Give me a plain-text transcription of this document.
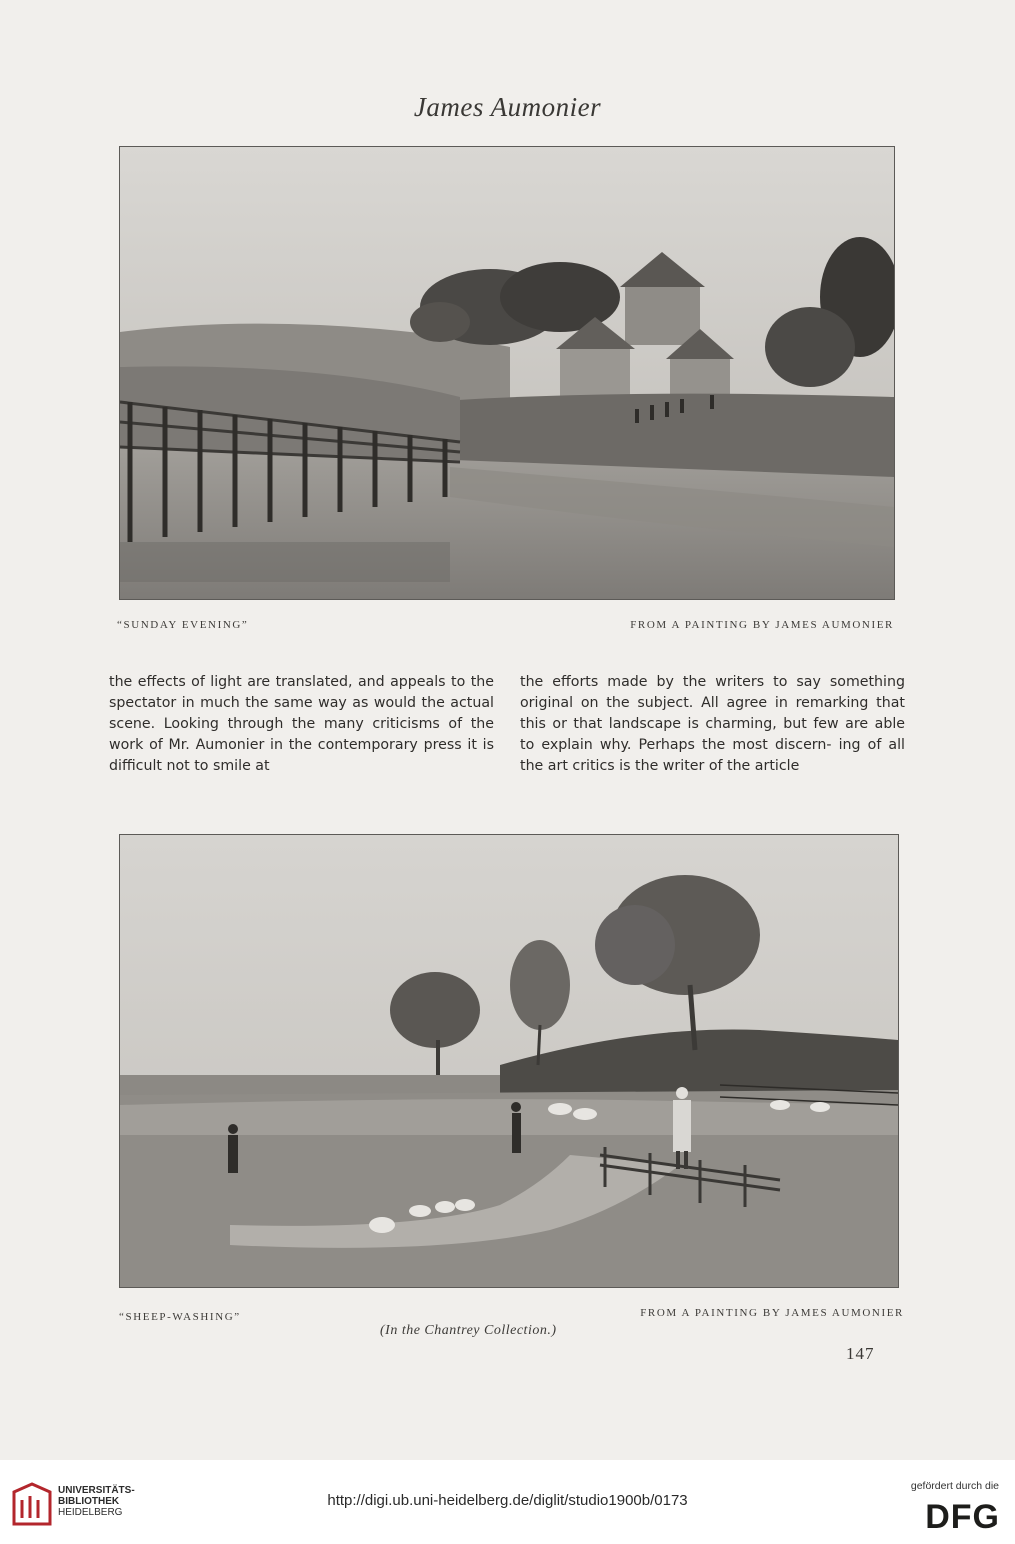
James Aumonier
“SUNDAY EVENING”	FROM A PAINTING BY JAMES AUMONIER

the effects of light are translated, and appeals to the spectator in much the same way as would the actual scene. Looking through the many criticisms of the work of Mr. Aumonier in the contemporary press it is difficult not to smile at

the efforts made by the writers to say something original on the subject. All agree in remarking that this or that landscape is charming, but few are able to explain why. Perhaps the most discern- ing of all the art critics is the writer of the article

“SHEEP-WASHING”	FROM A PAINTING BY JAMES AUMONIER
(In the Chantrey Collection.)
147
UNIVERSITÄTS-
BIBLIOTHEK
HEIDELBERG
http://digi.ub.uni-heidelberg.de/diglit/studio1900b/0173
gefördert durch die
DFG
